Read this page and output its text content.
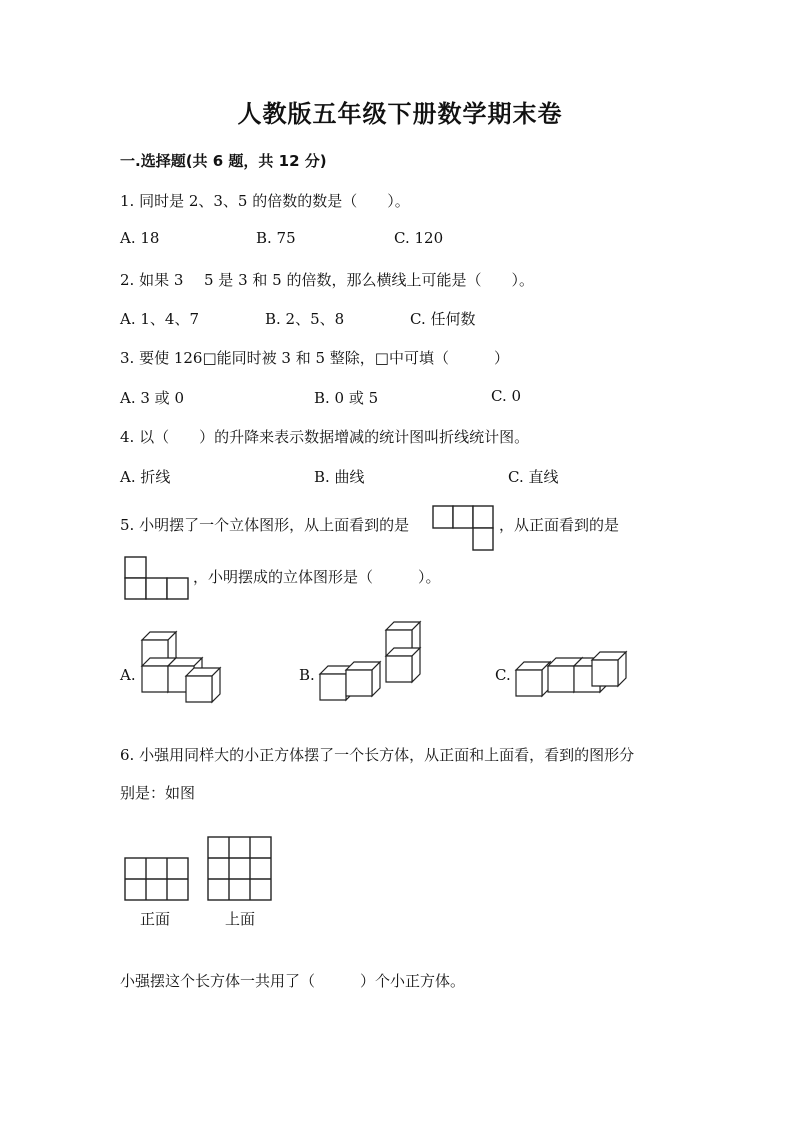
人教版五年级下册数学期末卷
一.选择题(共 6 题，共 12 分)
1. 同时是 2、3、5 的倍数的数是（　　）。
A. 18	B. 75	C. 120
2. 如果 3 5 是 3 和 5 的倍数，那么横线上可能是（　　）。
A. 1、4、7	B. 2、5、8	C. 任何数
3. 要使 126□能同时被 3 和 5 整除，□中可填（　　　）
A. 3 或 0	B. 0 或 5	C. 0
4. 以（　　）的升降来表示数据增减的统计图叫折线统计图。
A. 折线	B. 曲线	C. 直线
5. 小明摆了一个立体图形，从上面看到的是	，从正面看到的是
，小明摆成的立体图形是（　　　）。
A.	B.	C.
6. 小强用同样大的小正方体摆了一个长方体，从正面和上面看，看到的图形分
别是：如图
正面	上面
小强摆这个长方体一共用了（　　　）个小正方体。
